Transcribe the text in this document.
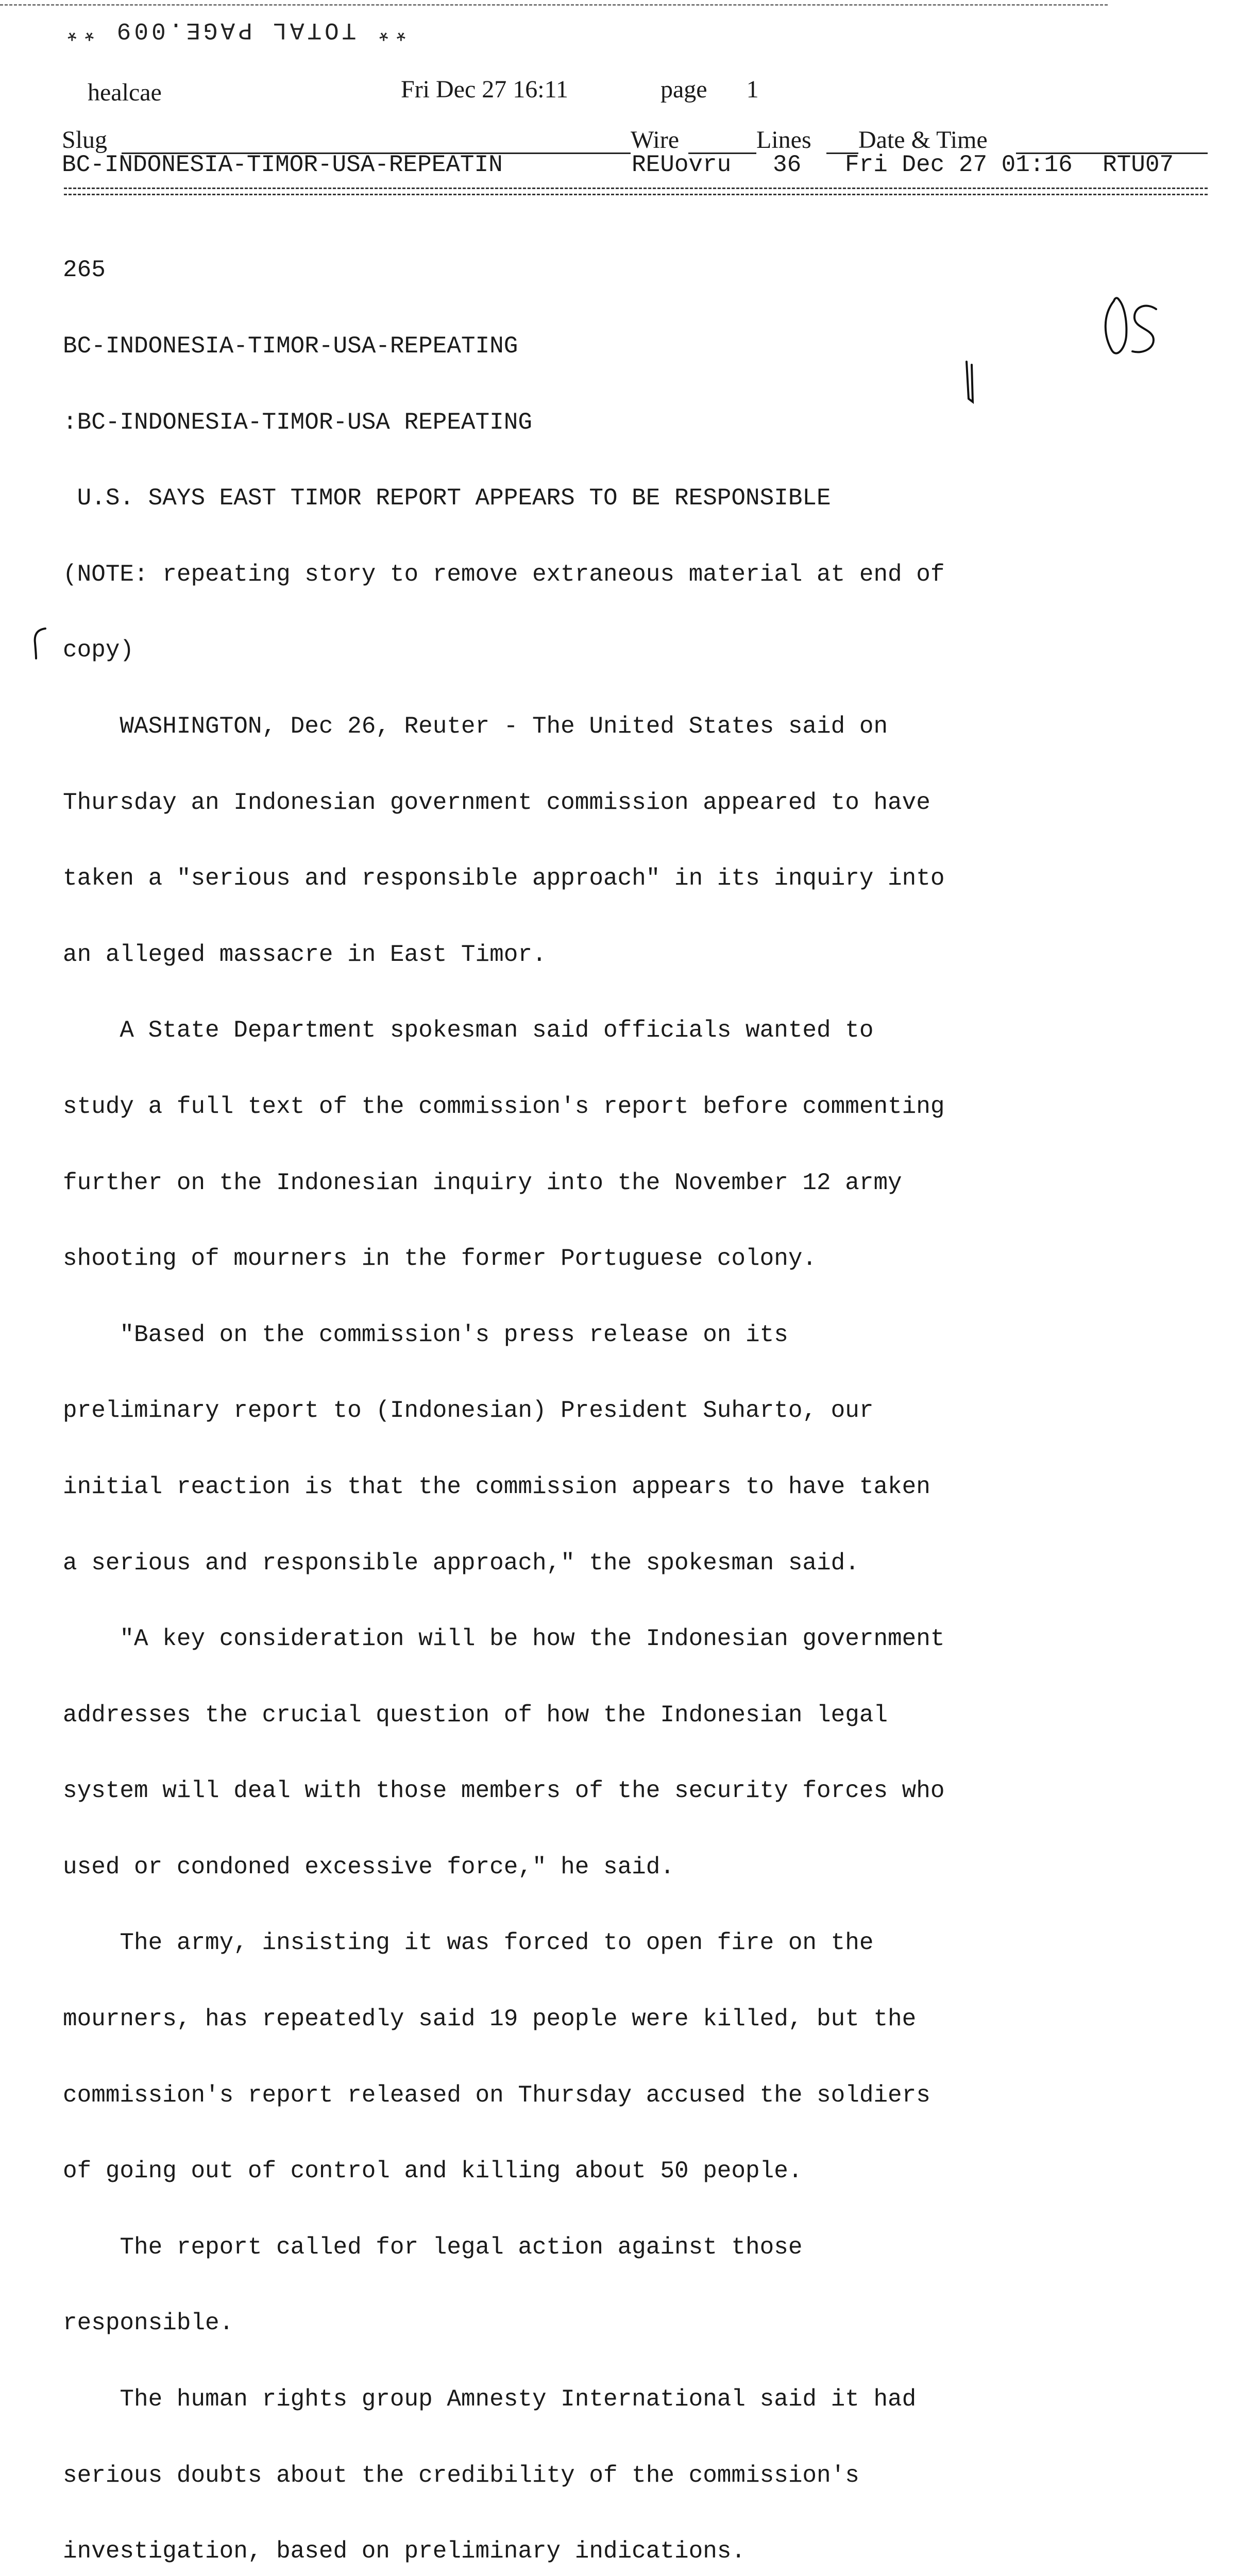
** TOTAL PAGE.009 **
healcae	Fri Dec 27 16:11	page 1
Slug	Wire	Lines Date & Time
BC-INDONESIA-TIMOR-USA-REPEATIN	REUovru 36 Fri Dec 27 01:16 RTU07

265

BC-INDONESIA-TIMOR-USA-REPEATING

:BC-INDONESIA-TIMOR-USA REPEATING

U.S. SAYS EAST TIMOR REPORT APPEARS TO BE RESPONSIBLE

(NOTE: repeating story to remove extraneous material at end of

copy)

WASHINGTON, Dec 26, Reuter - The United States said on

Thursday an Indonesian government commission appeared to have

taken a "serious and responsible approach" in its inquiry into

an alleged massacre in East Timor.

A State Department spokesman said officials wanted to

study a full text of the commission's report before commenting

further on the Indonesian inquiry into the November 12 army

shooting of mourners in the former Portuguese colony.

"Based on the commission's press release on its

preliminary report to (Indonesian) President Suharto, our

initial reaction is that the commission appears to have taken

a serious and responsible approach," the spokesman said.

"A key consideration will be how the Indonesian government

addresses the crucial question of how the Indonesian legal

system will deal with those members of the security forces who

used or condoned excessive force," he said.

The army, insisting it was forced to open fire on the

mourners, has repeatedly said 19 people were killed, but the

commission's report released on Thursday accused the soldiers

of going out of control and killing about 50 people.

The report called for legal action against those

responsible.

The human rights group Amnesty International said it had

serious doubts about the credibility of the commission's

investigation, based on preliminary indications.
